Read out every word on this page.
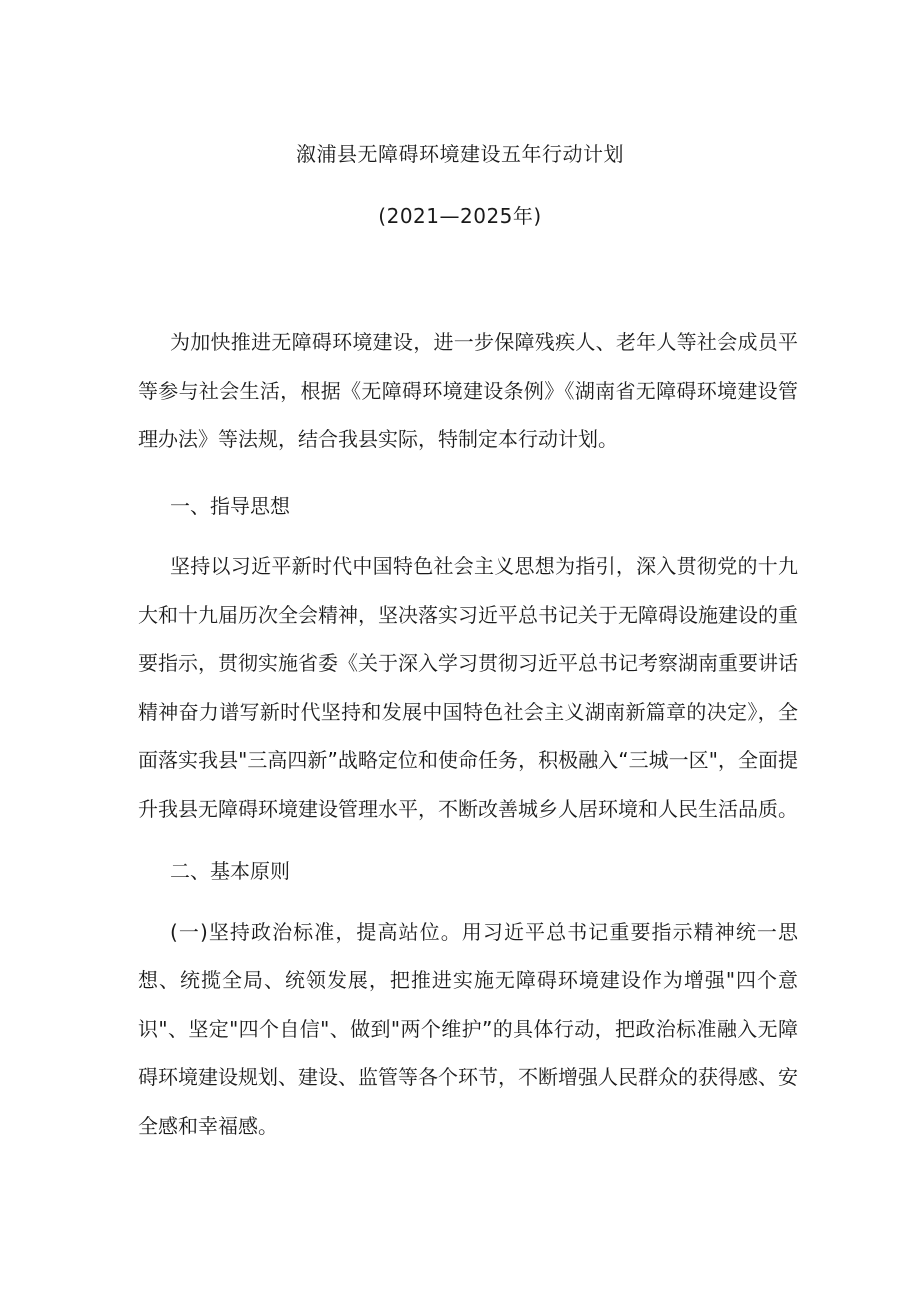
溆浦县无障碍环境建设五年行动计划
(2021—2025年)

为加快推进无障碍环境建设，进一步保障残疾人、老年人等社会成员平等参与社会生活，根据《无障碍环境建设条例》《湖南省无障碍环境建设管理办法》等法规，结合我县实际，特制定本行动计划。

一、指导思想

坚持以习近平新时代中国特色社会主义思想为指引，深入贯彻党的十九大和十九届历次全会精神，坚决落实习近平总书记关于无障碍设施建设的重要指示，贯彻实施省委《关于深入学习贯彻习近平总书记考察湖南重要讲话精神奋力谱写新时代坚持和发展中国特色社会主义湖南新篇章的决定》，全面落实我县"三高四新”战略定位和使命任务，积极融入“三城一区"，全面提升我县无障碍环境建设管理水平，不断改善城乡人居环境和人民生活品质。

二、基本原则

(一)坚持政治标准，提高站位。用习近平总书记重要指示精神统一思想、统揽全局、统领发展，把推进实施无障碍环境建设作为增强"四个意识"、坚定"四个自信"、做到"两个维护”的具体行动，把政治标准融入无障碍环境建设规划、建设、监管等各个环节，不断增强人民群众的获得感、安全感和幸福感。
